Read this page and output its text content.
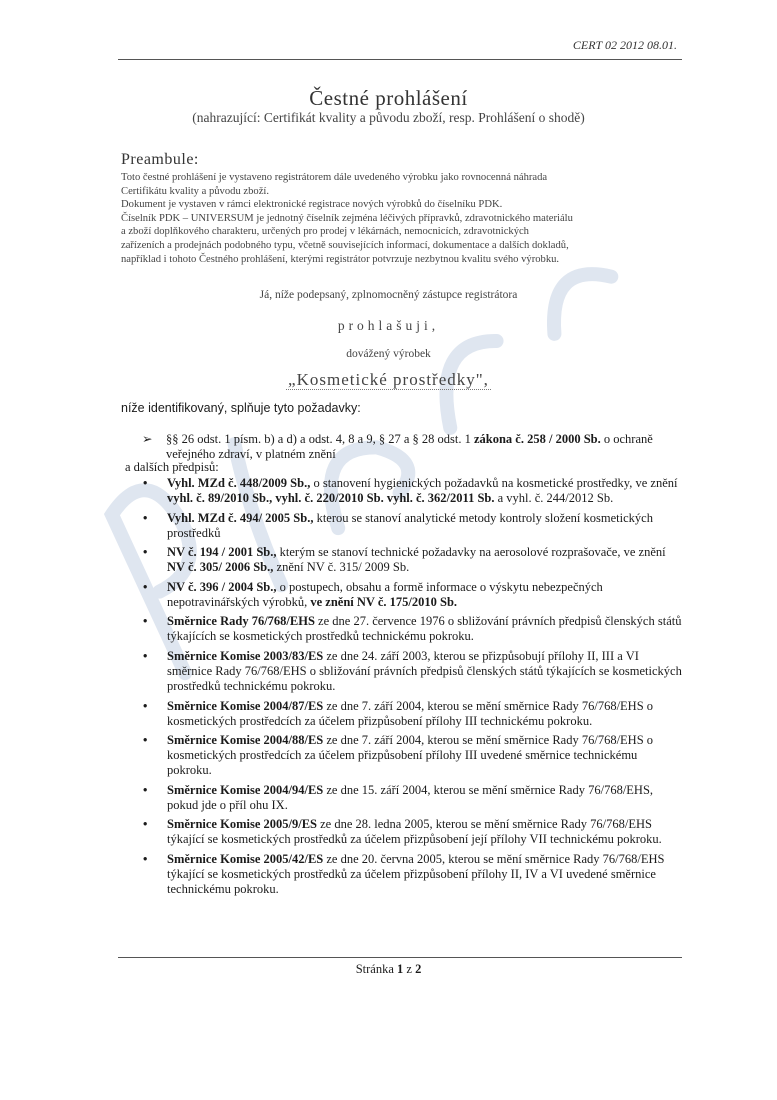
CERT 02 2012 08.01.
Čestné prohlášení
(nahrazující: Certifikát kvality a původu zboží, resp. Prohlášení o shodě)
Preambule:

Toto čestné prohlášení je vystaveno registrátorem dále uvedeného výrobku jako rovnocenná náhrada

Certifikátu kvality a původu zboží.

Dokument je vystaven v rámci elektronické registrace nových výrobků do číselníku PDK.

Číselník PDK – UNIVERSUM je jednotný číselník zejména léčivých přípravků, zdravotnického materiálu

a zboží doplňkového charakteru, určených pro prodej v lékárnách, nemocnicích, zdravotnických

zařízeních a prodejnách podobného typu, včetně souvisejících informací, dokumentace a dalších dokladů,

například i tohoto Čestného prohlášení, kterými registrátor potvrzuje nezbytnou kvalitu svého výrobku.

Já, níže podepsaný, zplnomocněný zástupce registrátora
prohlašuji,
dovážený výrobek
„Kosmetické prostředky",
níže identifikovaný, splňuje tyto požadavky:
➢ §§ 26 odst. 1 písm. b) a d) a odst. 4, 8 a 9, § 27 a § 28 odst. 1 zákona č. 258 / 2000 Sb. o ochraně veřejného zdraví, v platném znění
a dalších předpisů:
• Vyhl. MZd č. 448/2009 Sb., o stanovení hygienických požadavků na kosmetické prostředky, ve znění vyhl. č. 89/2010 Sb., vyhl. č. 220/2010 Sb. vyhl. č. 362/2011 Sb. a vyhl. č. 244/2012 Sb.
• Vyhl. MZd č. 494/ 2005 Sb., kterou se stanoví analytické metody kontroly složení kosmetických prostředků
• NV č. 194 / 2001 Sb., kterým se stanoví technické požadavky na aerosolové rozprašovače, ve znění NV č. 305/ 2006 Sb., znění NV č. 315/ 2009 Sb.
• NV č. 396 / 2004 Sb., o postupech, obsahu a formě informace o výskytu nebezpečných nepotravinářských výrobků, ve znění NV č. 175/2010 Sb.
• Směrnice Rady 76/768/EHS ze dne 27. července 1976 o sbližování právních předpisů členských států týkajících se kosmetických prostředků technickému pokroku.
• Směrnice Komise 2003/83/ES ze dne 24. září 2003, kterou se přizpůsobují přílohy II, III a VI směrnice Rady 76/768/EHS o sbližování právních předpisů členských států týkajících se kosmetických prostředků technickému pokroku.
• Směrnice Komise 2004/87/ES ze dne 7. září 2004, kterou se mění směrnice Rady 76/768/EHS o kosmetických prostředcích za účelem přizpůsobení přílohy III technickému pokroku.
• Směrnice Komise 2004/88/ES ze dne 7. září 2004, kterou se mění směrnice Rady 76/768/EHS o kosmetických prostředcích za účelem přizpůsobení přílohy III uvedené směrnice technickému pokroku.
• Směrnice Komise 2004/94/ES ze dne 15. září 2004, kterou se mění směrnice Rady 76/768/EHS, pokud jde o příl ohu IX.
• Směrnice Komise 2005/9/ES ze dne 28. ledna 2005, kterou se mění směrnice Rady 76/768/EHS týkající se kosmetických prostředků za účelem přizpůsobení její přílohy VII technickému pokroku.
• Směrnice Komise 2005/42/ES ze dne 20. června 2005, kterou se mění směrnice Rady 76/768/EHS týkající se kosmetických prostředků za účelem přizpůsobení přílohy II, IV a VI uvedené směrnice technickému pokroku.
Stránka 1 z 2
